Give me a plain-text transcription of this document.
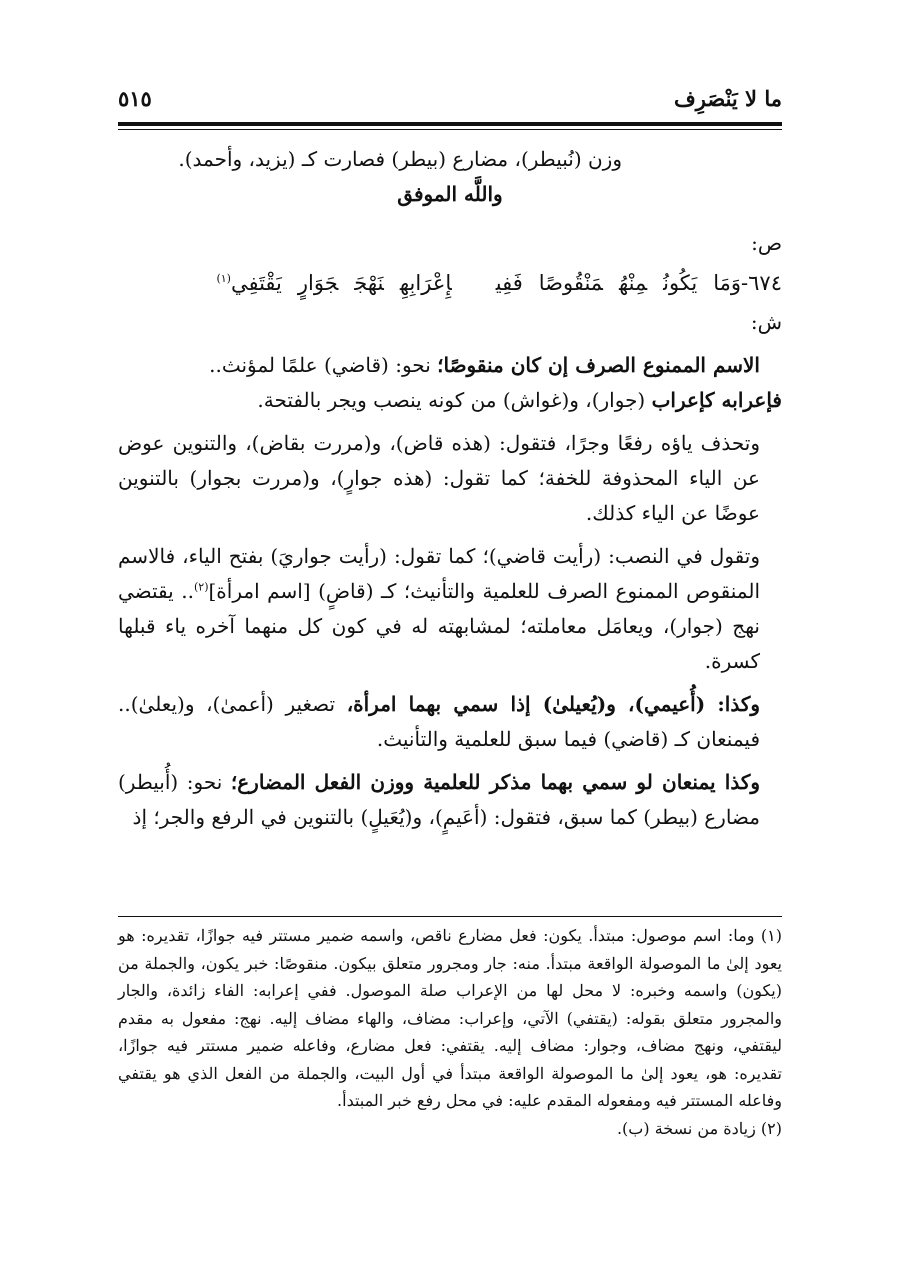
ما لا يَنْصَرِف
٥١٥

وزن (نُبيطر)، مضارع (بيطر) فصارت كـ (يزيد، وأحمد).

واللَّه الموفق

ص:

٦٧٤-وَمَايَكُونُمِنْهُمَنْقُوصًافَفِيإِعْرَابِهِنَهْجَجَوَارٍيَقْتَفِي$^{(١)}$

ش:

الاسم الممنوع الصرف إن كان منقوصًا؛ نحو: (قاضي) علمًا لمؤنث..

فإعرابه كإعراب (جوار)، و(غواش) من كونه ينصب ويجر بالفتحة.

وتحذف ياؤه رفعًا وجرًا، فتقول: (هذه قاض)، و(مررت بقاض)، والتنوين عوض عن الياء المحذوفة للخفة؛ كما تقول: (هذه جوارٍ)، و(مررت بجوار) بالتنوين عوضًا عن الياء كذلك.

وتقول في النصب: (رأيت قاضي)؛ كما تقول: (رأيت جواريَ) بفتح الياء، فالاسم المنقوص الممنوع الصرف للعلمية والتأنيث؛ كـ (قاضٍ) [اسم امرأة]$^{(٢)}$.. يقتضي نهج (جوار)، ويعامَل معاملته؛ لمشابهته له في كون كل منهما آخره ياء قبلها كسرة.

وكذا: (أُعيمي)، و(يُعيلىٰ) إذا سمي بهما امرأة، تصغير (أعمىٰ)، و(يعلىٰ).. فيمنعان كـ (قاضي) فيما سبق للعلمية والتأنيث.

وكذا يمنعان لو سمي بهما مذكر للعلمية ووزن الفعل المضارع؛ نحو: (أُبيطر) مضارع (بيطر) كما سبق، فتقول: (أعَيمٍ)، و(يُعَيلٍ) بالتنوين في الرفع والجر؛ إذ

(١) وما: اسم موصول: مبتدأ. يكون: فعل مضارع ناقص، واسمه ضمير مستتر فيه جوازًا، تقديره: هو يعود إلىٰ ما الموصولة الواقعة مبتدأ. منه: جار ومجرور متعلق بيكون. منقوصًا: خبر يكون، والجملة من (يكون) واسمه وخبره: لا محل لها من الإعراب صلة الموصول. ففي إعرابه: الفاء زائدة، والجار والمجرور متعلق بقوله: (يقتفي) الآتي، وإعراب: مضاف، والهاء مضاف إليه. نهج: مفعول به مقدم ليقتفي، ونهج مضاف، وجوار: مضاف إليه. يقتفي: فعل مضارع، وفاعله ضمير مستتر فيه جوازًا، تقديره: هو، يعود إلىٰ ما الموصولة الواقعة مبتدأ في أول البيت، والجملة من الفعل الذي هو يقتفي وفاعله المستتر فيه ومفعوله المقدم عليه: في محل رفع خبر المبتدأ.

(٢) زيادة من نسخة (ب).
